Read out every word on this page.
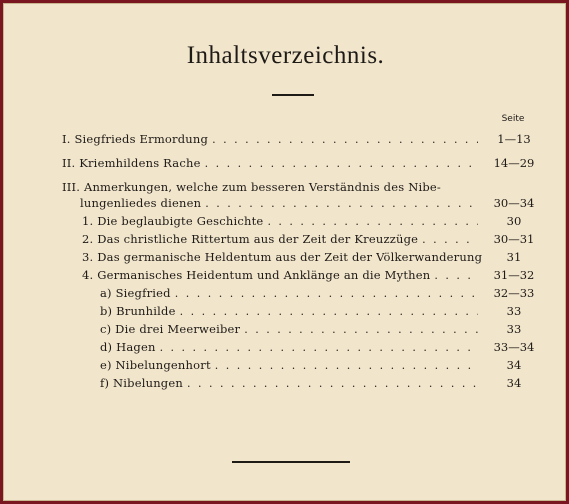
Inhaltsverzeichnis.
Seite
I. Siegfrieds Ermordung . . .	1—13
II. Kriemhildens Rache . . .	14—29
III. Anmerkungen, welche zum besseren Verständnis des Nibe-
lungenliedes dienen . . .	30—34
1. Die beglaubigte Geschichte . . .	30
2. Das christliche Rittertum aus der Zeit der Kreuzzüge . . .	30—31
3. Das germanische Heldentum aus der Zeit der Völkerwanderung	31
4. Germanisches Heidentum und Anklänge an die Mythen . . .	31—32
a) Siegfried . . .	32—33
b) Brunhilde . . .	33
c) Die drei Meerweiber . . .	33
d) Hagen . . .	33—34
e) Nibelungenhort . . .	34
f) Nibelungen . . .	34
